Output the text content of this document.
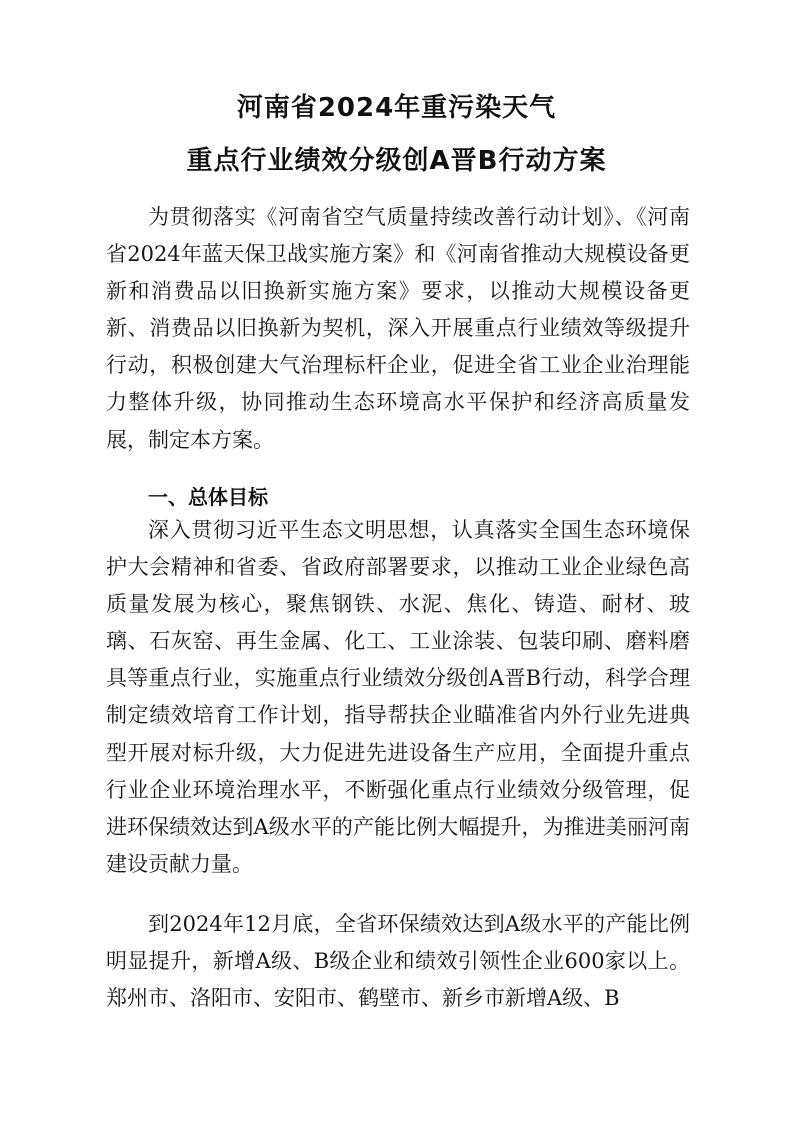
河南省2024年重污染天气
重点行业绩效分级创A晋B行动方案

为贯彻落实《河南省空气质量持续改善行动计划》、《河南省2024年蓝天保卫战实施方案》和《河南省推动大规模设备更新和消费品以旧换新实施方案》要求，以推动大规模设备更新、消费品以旧换新为契机，深入开展重点行业绩效等级提升行动，积极创建大气治理标杆企业，促进全省工业企业治理能力整体升级，协同推动生态环境高水平保护和经济高质量发展，制定本方案。

一、总体目标

深入贯彻习近平生态文明思想，认真落实全国生态环境保护大会精神和省委、省政府部署要求，以推动工业企业绿色高质量发展为核心，聚焦钢铁、水泥、焦化、铸造、耐材、玻璃、石灰窑、再生金属、化工、工业涂装、包装印刷、磨料磨具等重点行业，实施重点行业绩效分级创A晋B行动，科学合理制定绩效培育工作计划，指导帮扶企业瞄准省内外行业先进典型开展对标升级，大力促进先进设备生产应用，全面提升重点行业企业环境治理水平，不断强化重点行业绩效分级管理，促进环保绩效达到A级水平的产能比例大幅提升，为推进美丽河南建设贡献力量。

到2024年12月底，全省环保绩效达到A级水平的产能比例明显提升，新增A级、B级企业和绩效引领性企业600家以上。郑州市、洛阳市、安阳市、鹤壁市、新乡市新增A级、B
